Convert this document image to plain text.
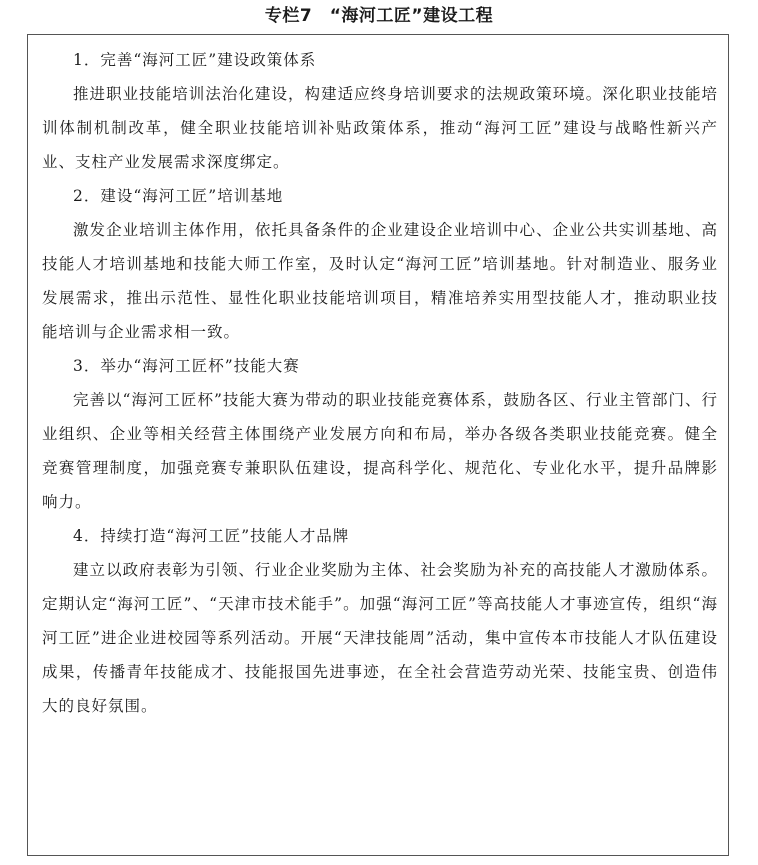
专栏7　“海河工匠”建设工程

1．完善“海河工匠”建设政策体系

推进职业技能培训法治化建设，构建适应终身培训要求的法规政策环境。深化职业技能培训体制机制改革，健全职业技能培训补贴政策体系，推动“海河工匠”建设与战略性新兴产业、支柱产业发展需求深度绑定。

2．建设“海河工匠”培训基地

激发企业培训主体作用，依托具备条件的企业建设企业培训中心、企业公共实训基地、高技能人才培训基地和技能大师工作室，及时认定“海河工匠”培训基地。针对制造业、服务业发展需求，推出示范性、显性化职业技能培训项目，精准培养实用型技能人才，推动职业技能培训与企业需求相一致。

3．举办“海河工匠杯”技能大赛

完善以“海河工匠杯”技能大赛为带动的职业技能竞赛体系，鼓励各区、行业主管部门、行业组织、企业等相关经营主体围绕产业发展方向和布局，举办各级各类职业技能竞赛。健全竞赛管理制度，加强竞赛专兼职队伍建设，提高科学化、规范化、专业化水平，提升品牌影响力。

4．持续打造“海河工匠”技能人才品牌

建立以政府表彰为引领、行业企业奖励为主体、社会奖励为补充的高技能人才激励体系。定期认定“海河工匠”、“天津市技术能手”。加强“海河工匠”等高技能人才事迹宣传，组织“海河工匠”进企业进校园等系列活动。开展“天津技能周”活动，集中宣传本市技能人才队伍建设成果，传播青年技能成才、技能报国先进事迹，在全社会营造劳动光荣、技能宝贵、创造伟大的良好氛围。
